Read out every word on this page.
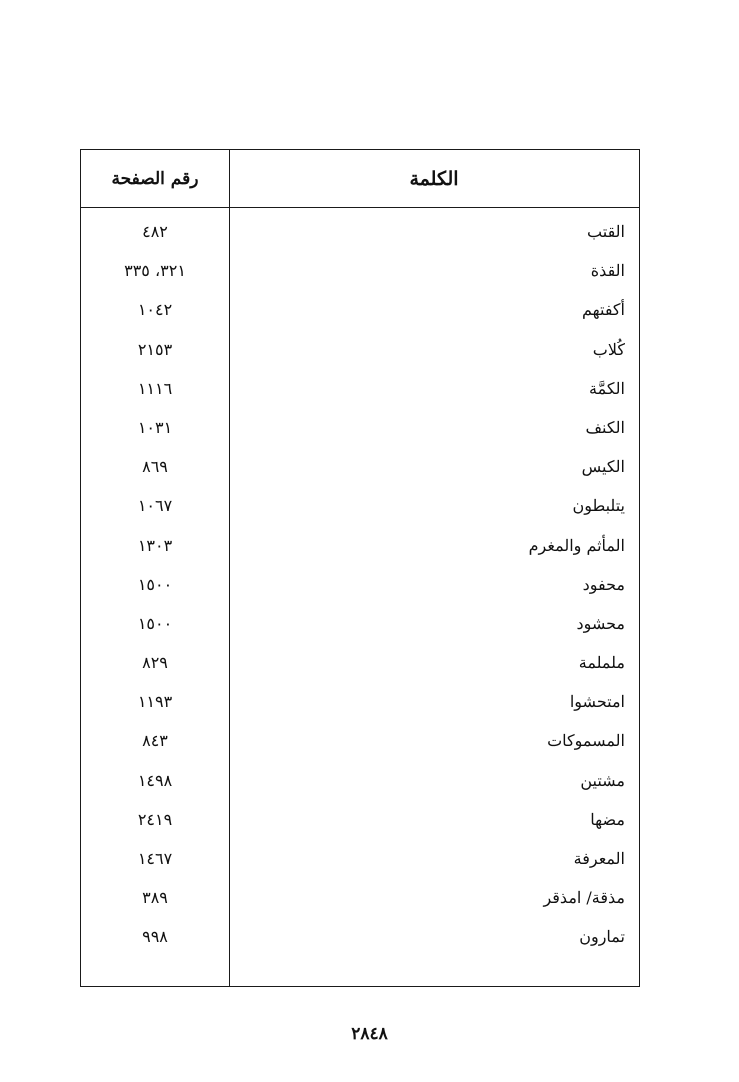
الكلمة
رقم الصفحة
القتب
٤٨٢
القذة
٣٢١، ٣٣٥
أكفتهم
١٠٤٢
كُلاب
٢١٥٣
الكمَّة
١١١٦
الكنف
١٠٣١
الكيس
٨٦٩
يتلبطون
١٠٦٧
المأثم والمغرم
١٣٠٣
محفود
١٥٠٠
محشود
١٥٠٠
ململمة
٨٢٩
امتحشوا
١١٩٣
المسموكات
٨٤٣
مشتين
١٤٩٨
مضها
٢٤١٩
المعرفة
١٤٦٧
مذقة/ امذقر
٣٨٩
تمارون
٩٩٨
٢٨٤٨
